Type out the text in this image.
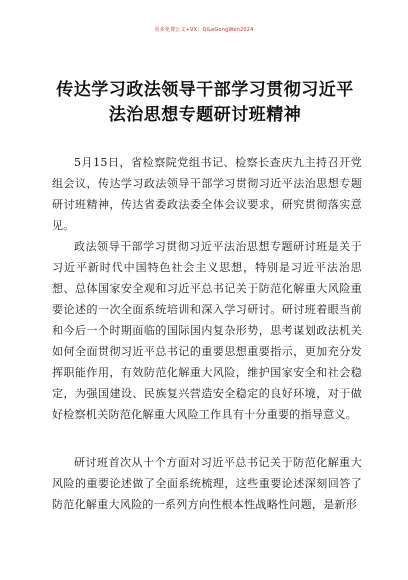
更多免费公文+VX：QiLeGongWen2024
传达学习政法领导干部学习贯彻习近平法治思想专题研讨班精神

5月15日，省检察院党组书记、检察长查庆九主持召开党组会议，传达学习政法领导干部学习贯彻习近平法治思想专题研讨班精神，传达省委政法委全体会议要求，研究贯彻落实意见。

政法领导干部学习贯彻习近平法治思想专题研讨班是关于习近平新时代中国特色社会主义思想，特别是习近平法治思想、总体国家安全观和习近平总书记关于防范化解重大风险重要论述的一次全面系统培训和深入学习研讨。研讨班着眼当前和今后一个时期面临的国际国内复杂形势，思考谋划政法机关如何全面贯彻习近平总书记的重要思想重要指示，更加充分发挥职能作用，有效防范化解重大风险，维护国家安全和社会稳定，为强国建设、民族复兴营造安全稳定的良好环境，对于做好检察机关防范化解重大风险工作具有十分重要的指导意义。

研讨班首次从十个方面对习近平总书记关于防范化解重大风险的重要论述做了全面系统梳理，这些重要论述深刻回答了防范化解重大风险的一系列方向性根本性战略性问题，是新形
